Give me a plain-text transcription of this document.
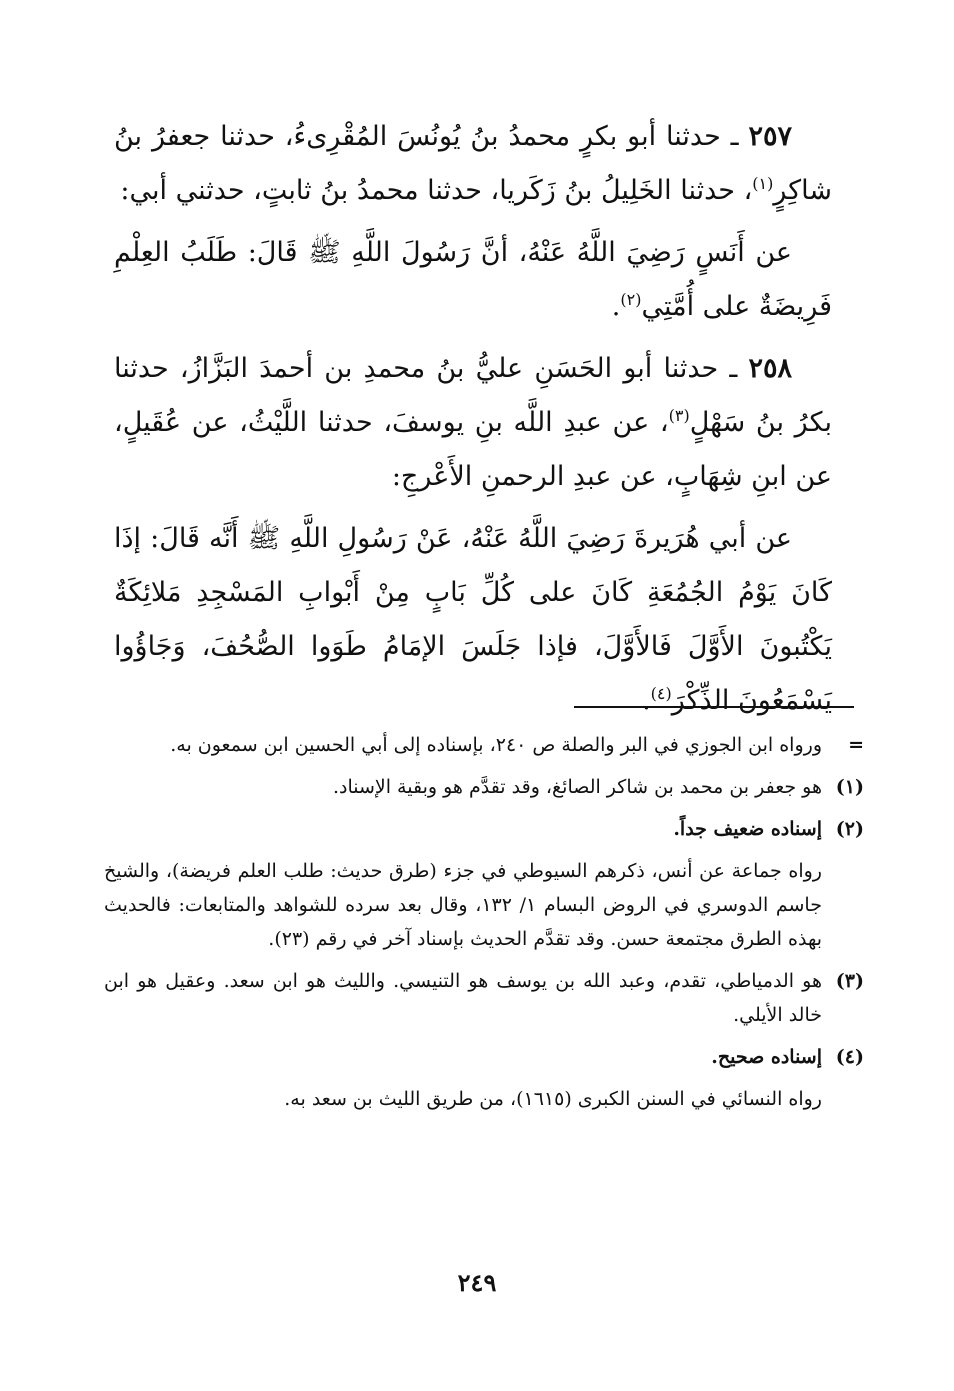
٢٥٧ ـ حدثنا أبو بكرٍ محمدُ بنُ يُونُسَ المُقْرِىءُ، حدثنا جعفرُ بنُ شاكِرٍ$^{(١)}$، حدثنا الخَلِيلُ بنُ زَكَريا، حدثنا محمدُ بنُ ثابتٍ، حدثني أبي:

عن أَنَسٍ رَضِيَ اللَّهُ عَنْهُ، أنَّ رَسُولَ اللَّهِ ﷺ قَالَ: طَلَبُ العِلْمِ فَرِيضَةٌ على أُمَّتِي$^{(٢)}$.

٢٥٨ ـ حدثنا أبو الحَسَنِ عليُّ بنُ محمدِ بن أحمدَ البَزَّازُ، حدثنا بكرُ بنُ سَهْلٍ$^{(٣)}$، عن عبدِ اللَّه بنِ يوسفَ، حدثنا اللَّيْثُ، عن عُقَيلٍ، عن ابنِ شِهَابٍ، عن عبدِ الرحمنِ الأَعْرجِ:

عن أبي هُرَيرةَ رَضِيَ اللَّهُ عَنْهُ، عَنْ رَسُولِ اللَّهِ ﷺ أَنَّه قَالَ: إذَا كَانَ يَوْمُ الجُمُعَةِ كَانَ على كُلِّ بَابٍ مِنْ أَبْوابِ المَسْجِدِ مَلائِكَةٌ يَكْتُبونَ الأَوَّلَ فَالأَوَّلَ، فإذا جَلَسَ الإمَامُ طَوَوا الصُّحُفَ، وَجَاؤُوا يَسْمَعُونَ الذِّكْرَ$^{(٤)}$.

=
ورواه ابن الجوزي في البر والصلة ص ٢٤٠، بإسناده إلى أبي الحسين ابن سمعون به.
(١)
هو جعفر بن محمد بن شاكر الصائغ، وقد تقدَّم هو وبقية الإسناد.
(٢)
إسناده ضعيف جداً.
رواه جماعة عن أنس، ذكرهم السيوطي في جزء (طرق حديث: طلب العلم فريضة)، والشيخ جاسم الدوسري في الروض البسام ١/ ١٣٢، وقال بعد سرده للشواهد والمتابعات: فالحديث بهذه الطرق مجتمعة حسن. وقد تقدَّم الحديث بإسناد آخر في رقم (٢٣).
(٣)
هو الدمياطي، تقدم، وعبد الله بن يوسف هو التنيسي. والليث هو ابن سعد. وعقيل هو ابن خالد الأيلي.
(٤)
إسناده صحيح.
رواه النسائي في السنن الكبرى (١٦١٥)، من طريق الليث بن سعد به.
٢٤٩
